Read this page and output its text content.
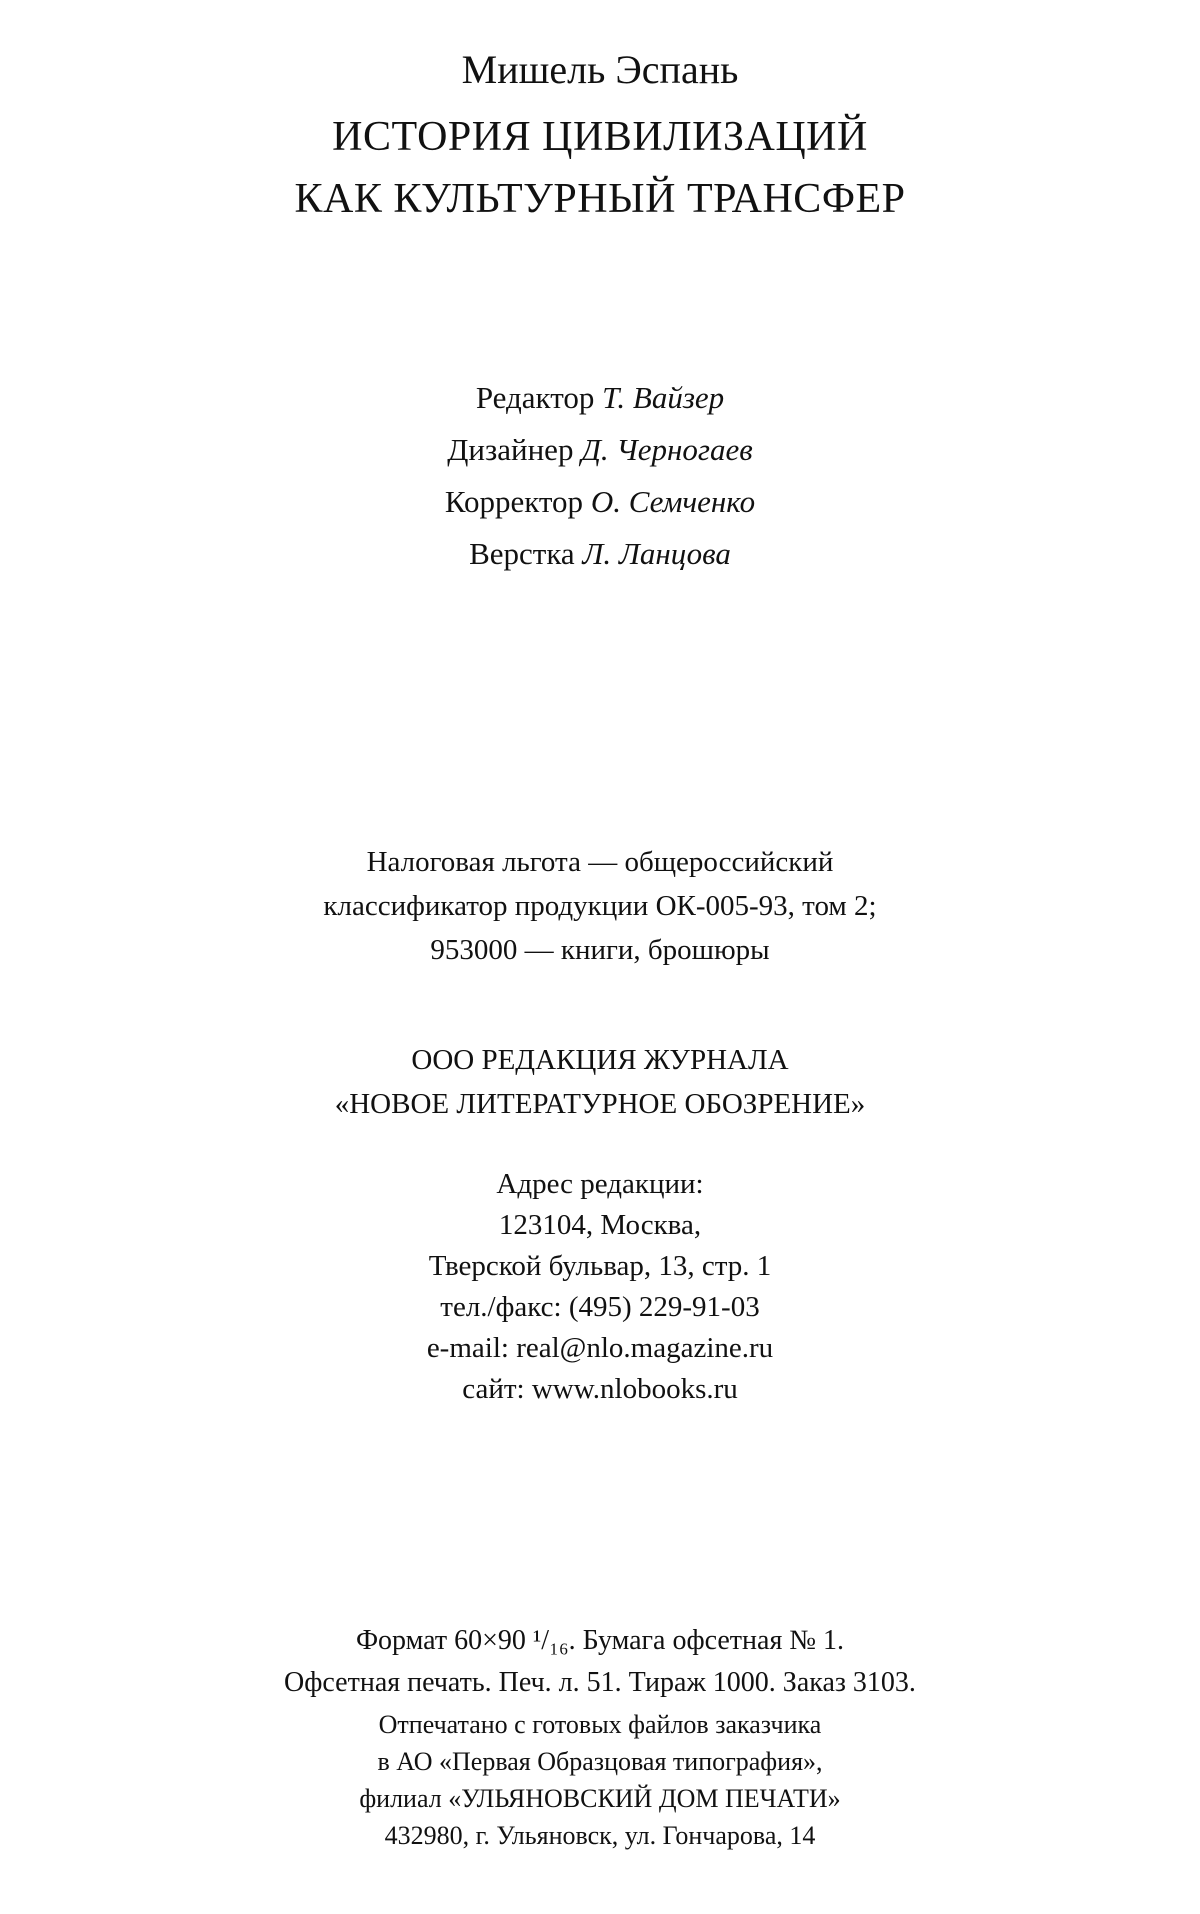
Мишель Эспань
ИСТОРИЯ ЦИВИЛИЗАЦИЙ
КАК КУЛЬТУРНЫЙ ТРАНСФЕР
Редактор Т. Вайзер
Дизайнер Д. Черногаев
Корректор О. Семченко
Верстка Л. Ланцова
Налоговая льгота — общероссийский
классификатор продукции ОК-005-93, том 2;
953000 — книги, брошюры
ООО РЕДАКЦИЯ ЖУРНАЛА
«НОВОЕ ЛИТЕРАТУРНОЕ ОБОЗРЕНИЕ»
Адрес редакции:
123104, Москва,
Тверской бульвар, 13, стр. 1
тел./факс: (495) 229-91-03
e-mail: real@nlo.magazine.ru
сайт: www.nlobooks.ru
Формат 60×90 ¹/₁₆. Бумага офсетная № 1.
Офсетная печать. Печ. л. 51. Тираж 1000. Заказ 3103.
Отпечатано с готовых файлов заказчика
в АО «Первая Образцовая типография»,
филиал «УЛЬЯНОВСКИЙ ДОМ ПЕЧАТИ»
432980, г. Ульяновск, ул. Гончарова, 14
